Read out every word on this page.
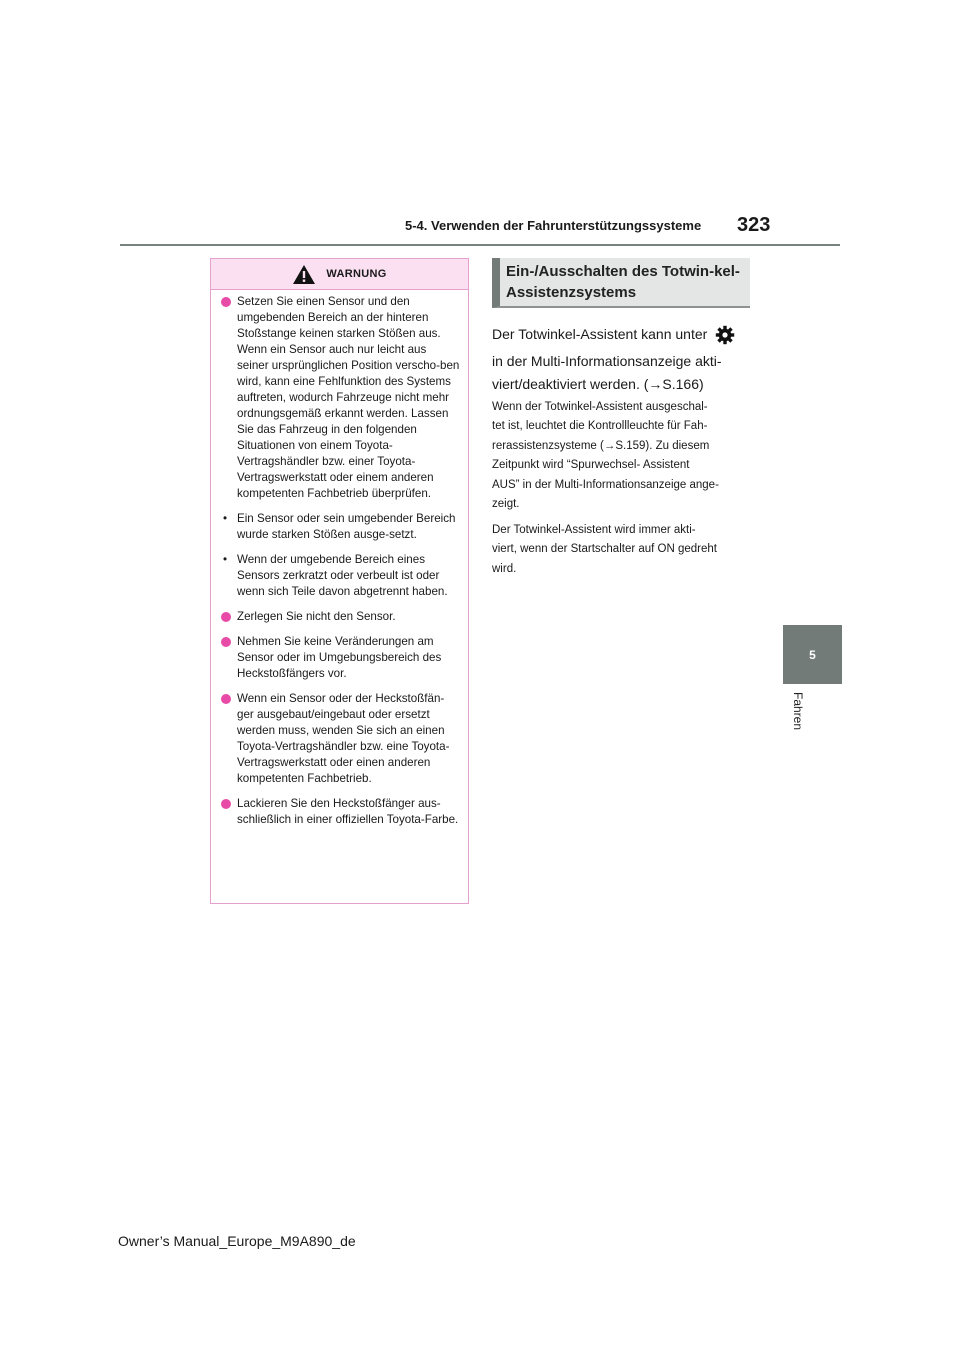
5-4. Verwenden der Fahrunterstützungssysteme 323
5
Fahren
WARNUNG
Setzen Sie einen Sensor und den umgebenden Bereich an der hinteren Stoßstange keinen starken Stößen aus. Wenn ein Sensor auch nur leicht aus seiner ursprünglichen Position verscho-ben wird, kann eine Fehlfunktion des Systems auftreten, wodurch Fahrzeuge nicht mehr ordnungsgemäß erkannt werden. Lassen Sie das Fahrzeug in den folgenden Situationen von einem Toyota-Vertragshändler bzw. einer Toyota-Vertragswerkstatt oder einem anderen kompetenten Fachbetrieb überprüfen.
• Ein Sensor oder sein umgebender Bereich wurde starken Stößen ausge-setzt.
• Wenn der umgebende Bereich eines Sensors zerkratzt oder verbeult ist oder wenn sich Teile davon abgetrennt haben.
Zerlegen Sie nicht den Sensor.
Nehmen Sie keine Veränderungen am Sensor oder im Umgebungsbereich des Heckstoßfängers vor.
Wenn ein Sensor oder der Heckstoßfän-ger ausgebaut/eingebaut oder ersetzt werden muss, wenden Sie sich an einen Toyota-Vertragshändler bzw. eine Toyota-Vertragswerkstatt oder einen anderen kompetenten Fachbetrieb.
Lackieren Sie den Heckstoßfänger aus-schließlich in einer offiziellen Toyota-Farbe.
Ein-/Ausschalten des Totwin-kel-Assistenzsystems
Der Totwinkel-Assistent kann unter
in der Multi-Informationsanzeige akti-
viert/deaktiviert werden. (→S.166)
Wenn der Totwinkel-Assistent ausgeschal-
tet ist, leuchtet die Kontrollleuchte für Fah-
rerassistenzsysteme (→S.159). Zu diesem
Zeitpunkt wird “Spurwechsel- Assistent
AUS” in der Multi-Informationsanzeige ange-
zeigt.
Der Totwinkel-Assistent wird immer akti-
viert, wenn der Startschalter auf ON gedreht
wird.
Owner’s Manual_Europe_M9A890_de
